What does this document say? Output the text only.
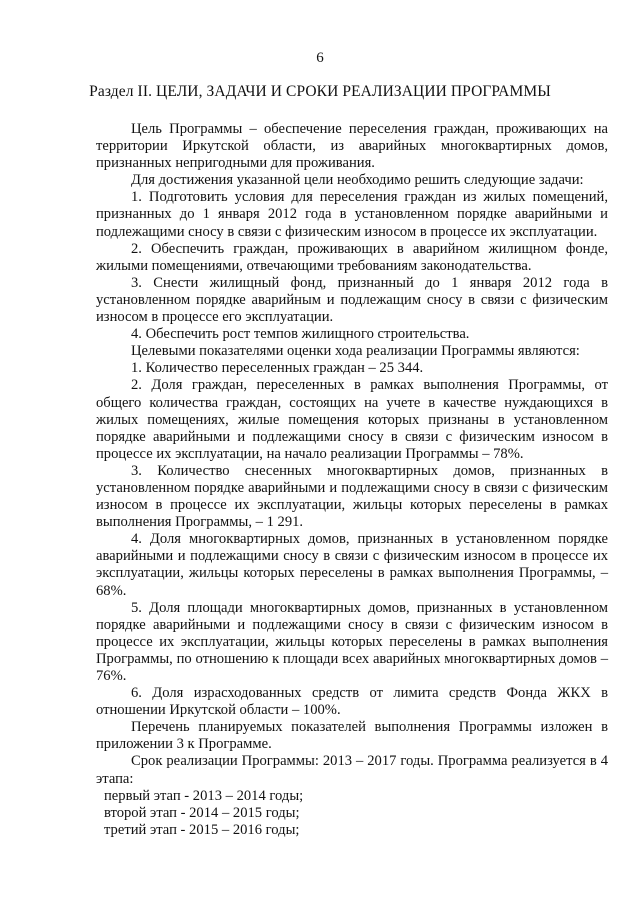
6
Раздел II. ЦЕЛИ, ЗАДАЧИ И СРОКИ РЕАЛИЗАЦИИ ПРОГРАММЫ

Цель Программы – обеспечение переселения граждан, проживающих на территории Иркутской области, из аварийных многоквартирных домов, признанных непригодными для проживания.

Для достижения указанной цели необходимо решить следующие задачи:

1. Подготовить условия для переселения граждан из жилых помещений, признанных до 1 января 2012 года в установленном порядке аварийными и подлежащими сносу в связи с физическим износом в процессе их эксплуатации.

2. Обеспечить граждан, проживающих в аварийном жилищном фонде, жилыми помещениями, отвечающими требованиям законодательства.

3. Снести жилищный фонд, признанный до 1 января 2012 года в установленном порядке аварийным и подлежащим сносу в связи с физическим износом в процессе его эксплуатации.

4. Обеспечить рост темпов жилищного строительства.

Целевыми показателями оценки хода реализации Программы являются:

1. Количество переселенных граждан – 25 344.

2. Доля граждан, переселенных в рамках выполнения Программы, от общего количества граждан, состоящих на учете в качестве нуждающихся в жилых помещениях, жилые помещения которых признаны в установленном порядке аварийными и подлежащими сносу в связи с физическим износом в процессе их эксплуатации, на начало реализации Программы – 78%.

3. Количество снесенных многоквартирных домов, признанных в установленном порядке аварийными и подлежащими сносу в связи с физическим износом в процессе их эксплуатации, жильцы которых переселены в рамках выполнения Программы, – 1 291.

4. Доля многоквартирных домов, признанных в установленном порядке аварийными и подлежащими сносу в связи с физическим износом в процессе их эксплуатации, жильцы которых переселены в рамках выполнения Программы, – 68%.

5. Доля площади многоквартирных домов, признанных в установленном порядке аварийными и подлежащими сносу в связи с физическим износом в процессе их эксплуатации, жильцы которых переселены в рамках выполнения Программы, по отношению к площади всех аварийных многоквартирных домов – 76%.

6. Доля израсходованных средств от лимита средств Фонда ЖКХ в отношении Иркутской области – 100%.

Перечень планируемых показателей выполнения Программы изложен в приложении 3 к Программе.

Срок реализации Программы: 2013 – 2017 годы. Программа реализуется в 4 этапа:

первый этап - 2013 – 2014 годы;

второй этап - 2014 – 2015 годы;

третий этап - 2015 – 2016 годы;
